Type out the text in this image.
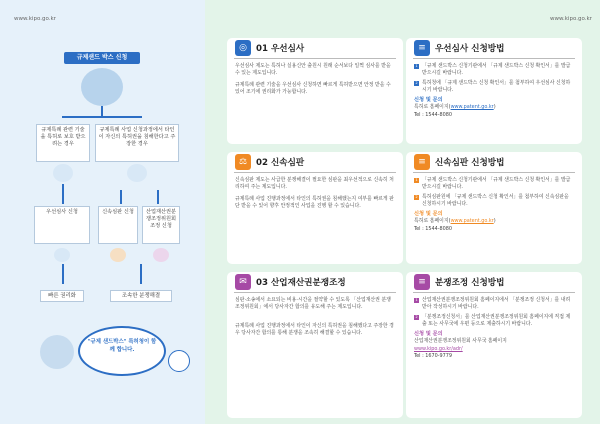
www.kipo.go.kr
규제샌드 박스 신청
규제특례 관련 기술을 특허로 보호 받으려는 경우
규제특례 사업 신청과정에서 타인이 자신의 특허권을 침해한다고 주장한 경우
우선심사 신청	신속심판 신청	산업재산권분쟁조정위원회 조정 신청
빠른 권리화	조속한 분쟁해결
"규제 샌드박스" 특허청이 함께 합니다.
www.kipo.go.kr
◎	01 우선심사

우선심사 제도는 특허나 실용신안 출원시 원래 순서보다 일찍 심사를 받을 수 있는 제도입니다.

규제특례 관련 기술을 우선심사 신청하면 빠르게 특허받으면 안정 받을 수 있어 조기에 권리화가 가능합니다.

≡	우선심사 신청방법
1 「규제 샌드박스 신청기관에서 「규제 샌드박스 신청 확인서」를 발급 받으시길 바랍니다.
2 특허청에 「규제 샌드박스 신청 확인서」를 첨부하여 우선심사 신청하시기 바랍니다.
신청 및 문의
특허로 홈페이지(www.patent.go.kr)
Tel : 1544-8080
⚖	02 신속심판

신속심판 제도는 사급한 분쟁해결이 필요한 심판을 최우선적으로 신속히 처리하여 주는 제도입니다.

규제특례 사업 진행과정에서 타인의 특허권을 침해했는지 여부를 빠르게 판단 받을 수 있어 향후 안정적인 사업을 진행 할 수 있습니다.

≡	신속심판 신청방법
1 「규제 샌드박스 신청기관에서 「규제 샌드박스 신청 확인서」를 발급 받으시길 바랍니다.
2 특허심판원에 「규제 샌드박스 신청 확인서」를 첨부하여 신속심판을 신청하시기 바랍니다.
신청 및 문의
특허로 홈페이지(www.patent.go.kr)
Tel : 1544-8080
✉	03 산업재산권분쟁조정

심판·소송에서 소요되는 비용·시간을 절약할 수 있도록 「산업재산권 분쟁조정위원회」에서 당사자간 합의를 유도해 주는 제도입니다.

규제특례 사업 진행과정에서 타인이 자신의 특허권을 침해했다고 주장한 경우 당사자간 합의를 통해 분쟁을 조속히 해결할 수 있습니다.

≡	분쟁조정 신청방법
1 산업재산권분쟁조정위원회 홈페이지에서 「분쟁조정 신청서」를 내려 받아 작성하시기 바랍니다.
2 「분쟁조정신청서」를 산업재산권분쟁조정위원회 홈페이지에 직접 제출 또는 사무국에 우편 등으로 제출하시기 바랍니다.
신청 및 문의
산업재산권분쟁조정위원회 사무국 홈페이지
www.kipo.go.kr/adr/
Tel : 1670-9779
